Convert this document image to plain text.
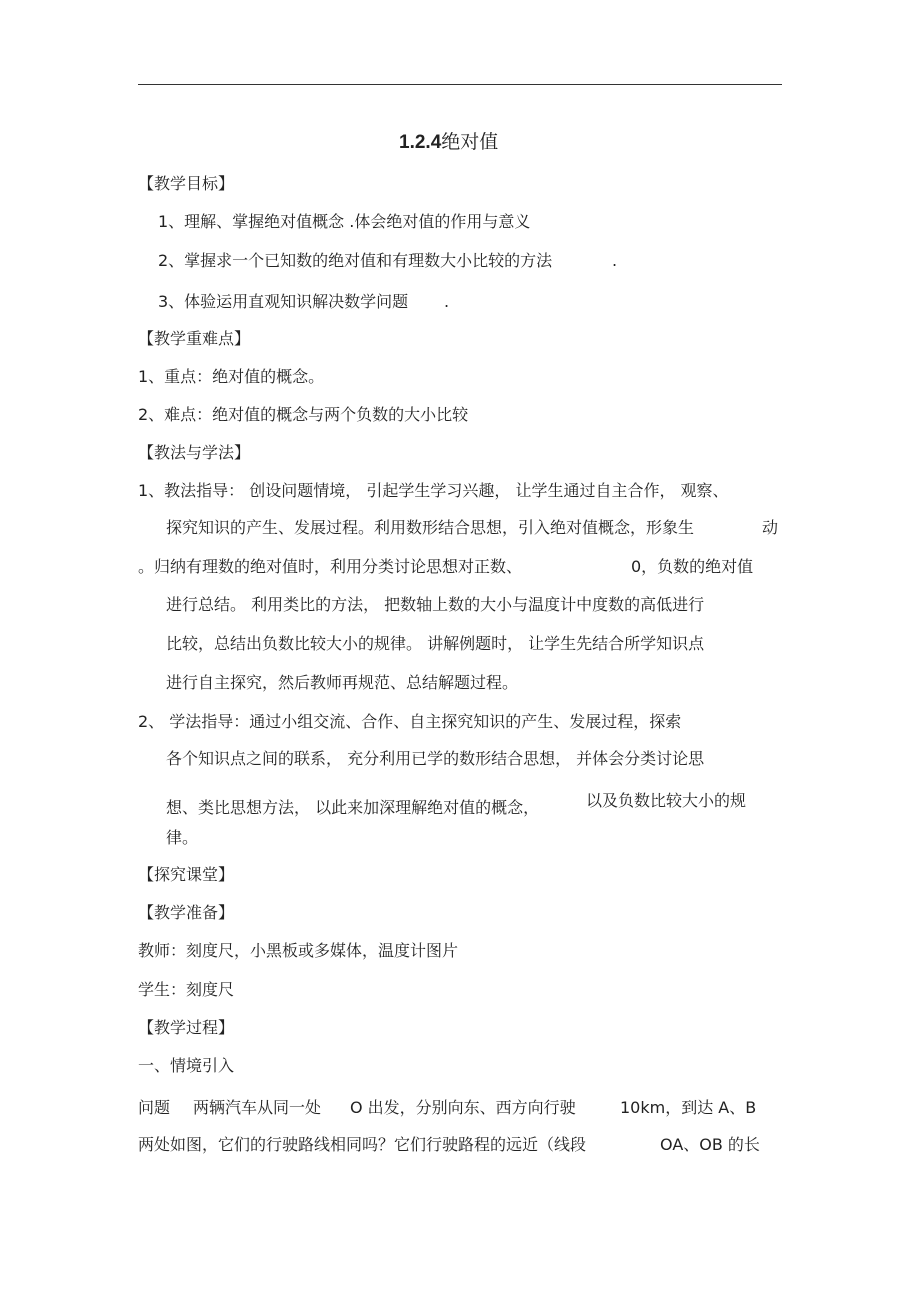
1.2.4绝对值
【教学目标】
1、理解、掌握绝对值概念 .体会绝对值的作用与意义
2、掌握求一个已知数的绝对值和有理数大小比较的方法	.
3、体验运用直观知识解决数学问题 .
【教学重难点】
1、重点：绝对值的概念。
2、难点：绝对值的概念与两个负数的大小比较
【教法与学法】
1、教法指导： 创设问题情境， 引起学生学习兴趣， 让学生通过自主合作， 观察、
探究知识的产生、发展过程。利用数形结合思想，引入绝对值概念，形象生	动
。归纳有理数的绝对值时，利用分类讨论思想对正数、	0，负数的绝对值
进行总结。 利用类比的方法， 把数轴上数的大小与温度计中度数的高低进行
比较，总结出负数比较大小的规律。 讲解例题时， 让学生先结合所学知识点
进行自主探究，然后教师再规范、总结解题过程。
2、 学法指导：通过小组交流、合作、自主探究知识的产生、发展过程，探索
各个知识点之间的联系， 充分利用已学的数形结合思想， 并体会分类讨论思
想、类比思想方法， 以此来加深理解绝对值的概念，	以及负数比较大小的规
律。
【探究课堂】
【教学准备】
教师：刻度尺，小黑板或多媒体，温度计图片
学生：刻度尺
【教学过程】
一、情境引入
问题 两辆汽车从同一处 O 出发，分别向东、西方向行驶	10km，到达 A、B
两处如图，它们的行驶路线相同吗？它们行驶路程的远近（线段	OA、OB 的长
